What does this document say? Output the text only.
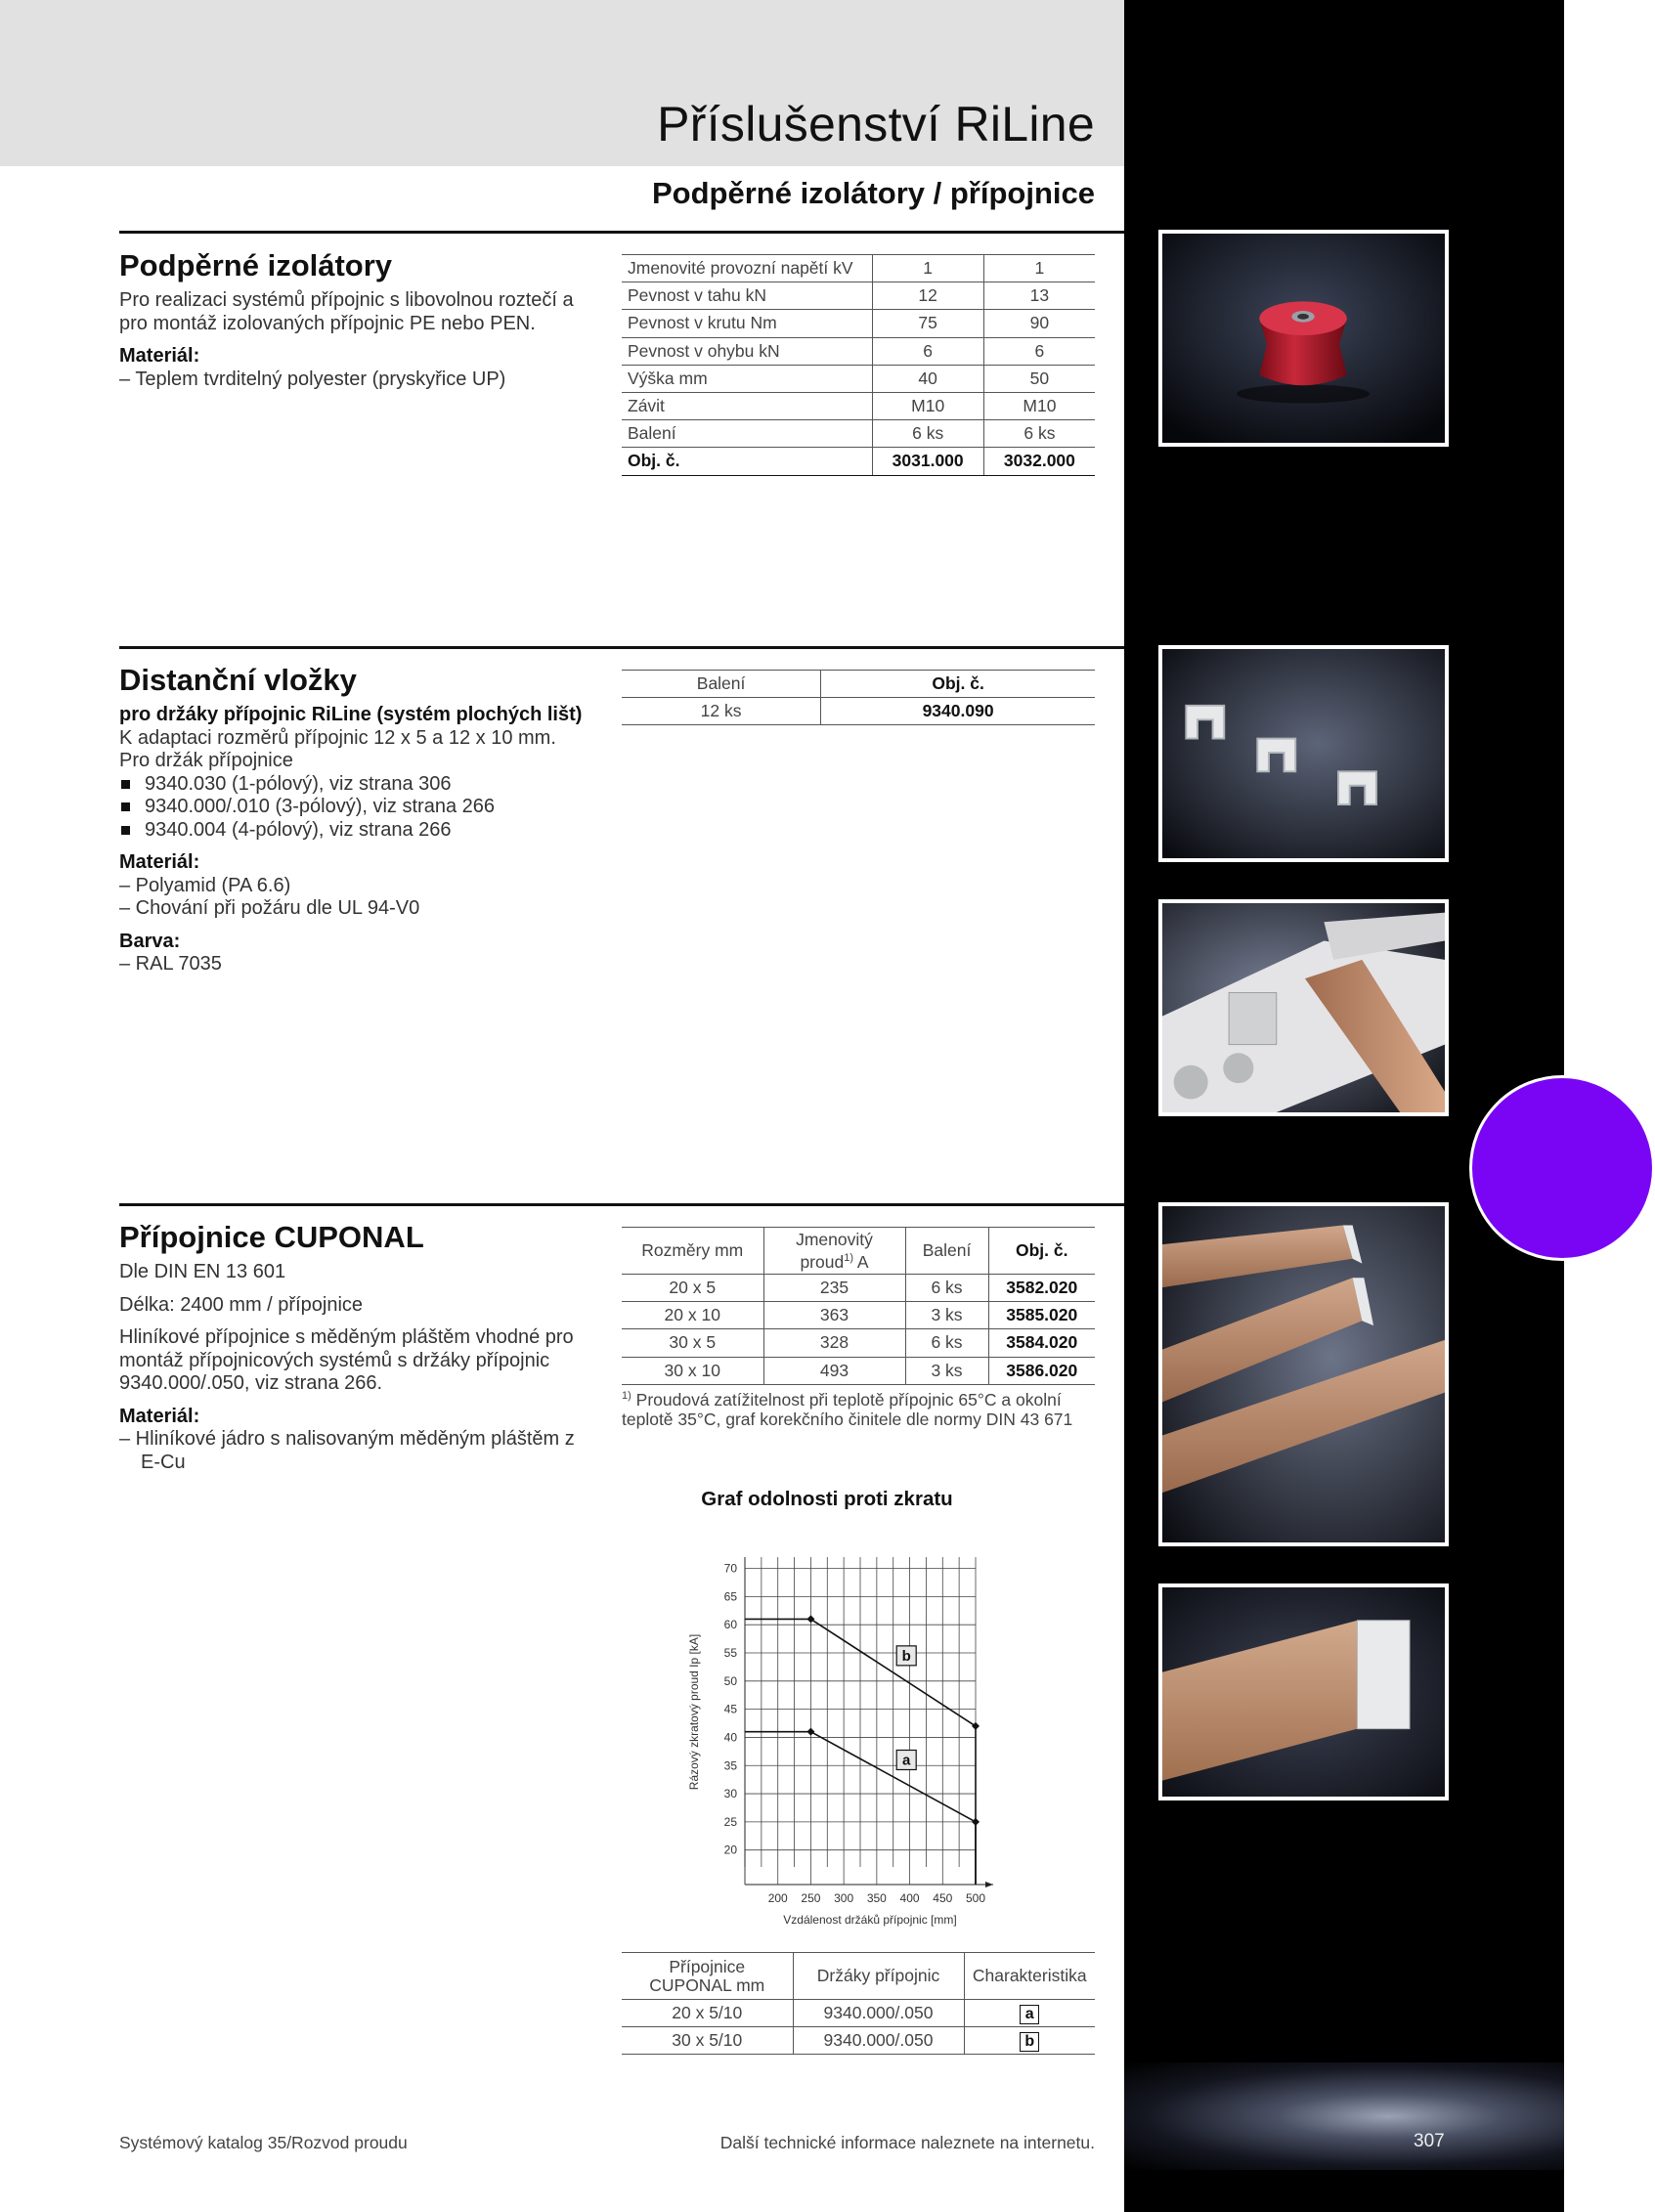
Příslušenství RiLine
Podpěrné izolátory / přípojnice
307
Podpěrné izolátory

Pro realizaci systémů přípojnic s libovolnou roztečí a pro montáž izolovaných přípojnic PE nebo PEN.

Materiál:

– Teplem tvrditelný polyester (pryskyřice UP)

Jmenovité provozní napětí kV	1	1
Pevnost v tahu kN	12	13
Pevnost v krutu Nm	75	90
Pevnost v ohybu kN	6	6
Výška mm	40	50
Závit	M10	M10
Balení	6 ks	6 ks
Obj. č.	3031.000	3032.000
Distanční vložky

pro držáky přípojnic RiLine (systém plochých lišt)

K adaptaci rozměrů přípojnic 12 x 5 a 12 x 10 mm.

Pro držák přípojnice

9340.030 (1-pólový), viz strana 306

9340.000/.010 (3-pólový), viz strana 266

9340.004 (4-pólový), viz strana 266

Materiál:

– Polyamid (PA 6.6)

– Chování při požáru dle UL 94-V0

Barva:

– RAL 7035

Balení	Obj. č.
12 ks	9340.090
Přípojnice CUPONAL

Dle DIN EN 13 601

Délka: 2400 mm / přípojnice

Hliníkové přípojnice s měděným pláštěm vhodné pro montáž přípojnicových systémů s držáky přípojnic 9340.000/.050, viz strana 266.

Materiál:

– Hliníkové jádro s nalisovaným měděným pláštěm z E-Cu

Rozměry mm	Jmenovitý proud$^{1)}$ A	Balení	Obj. č.
20 x 5	235	6 ks	3582.020
20 x 10	363	3 ks	3585.020
30 x 5	328	6 ks	3584.020
30 x 10	493	3 ks	3586.020
$^{1)}$ Proudová zatížitelnost při teplotě přípojnic 65°C a okolní teplotě 35°C, graf korekčního činitele dle normy DIN 43 671
Graf odolnosti proti zkratu
20
25
30
35
40
45
50
55
60
65
70
200 250 300 350 400 450 500
Vzdálenost držáků přípojnic [mm]
Rázový zkratový proud Ip [kA]	a
b
Přípojnice CUPONAL mm	Držáky přípojnic	Charakteristika
20 x 5/10	9340.000/.050	a
30 x 5/10	9340.000/.050	b
Systémový katalog 35/Rozvod proudu	Další technické informace naleznete na internetu.
